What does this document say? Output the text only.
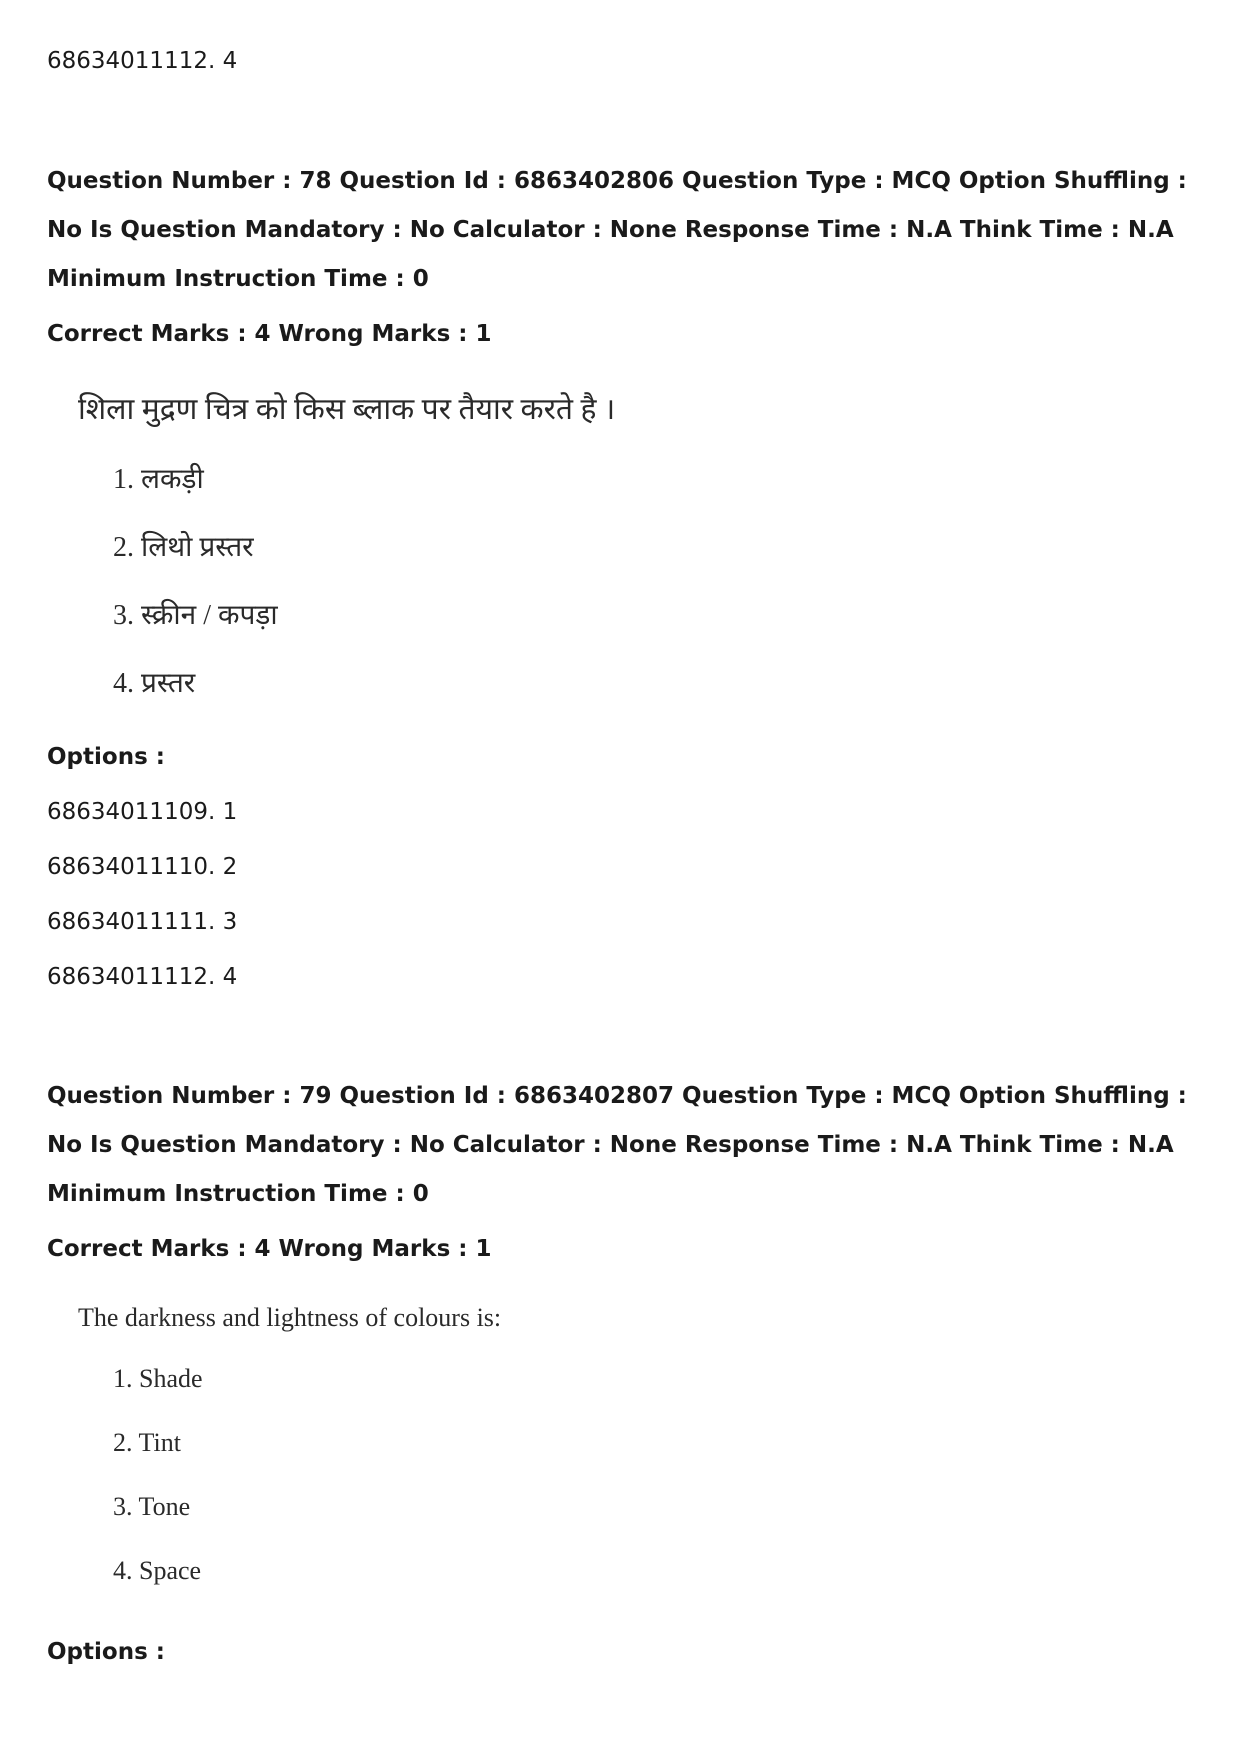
68634011112. 4
Question Number : 78 Question Id : 6863402806 Question Type : MCQ Option Shuffling : No Is Question Mandatory : No Calculator : None Response Time : N.A Think Time : N.A Minimum Instruction Time : 0
Correct Marks : 4 Wrong Marks : 1
शिला मुद्रण चित्र को किस ब्लाक पर तैयार करते है ।
1. लकड़ी
2. लिथो प्रस्तर
3. स्क्रीन / कपड़ा
4. प्रस्तर
Options :
68634011109. 1
68634011110. 2
68634011111. 3
68634011112. 4
Question Number : 79 Question Id : 6863402807 Question Type : MCQ Option Shuffling : No Is Question Mandatory : No Calculator : None Response Time : N.A Think Time : N.A Minimum Instruction Time : 0
Correct Marks : 4 Wrong Marks : 1
The darkness and lightness of colours is:
1. Shade
2. Tint
3. Tone
4. Space
Options :
